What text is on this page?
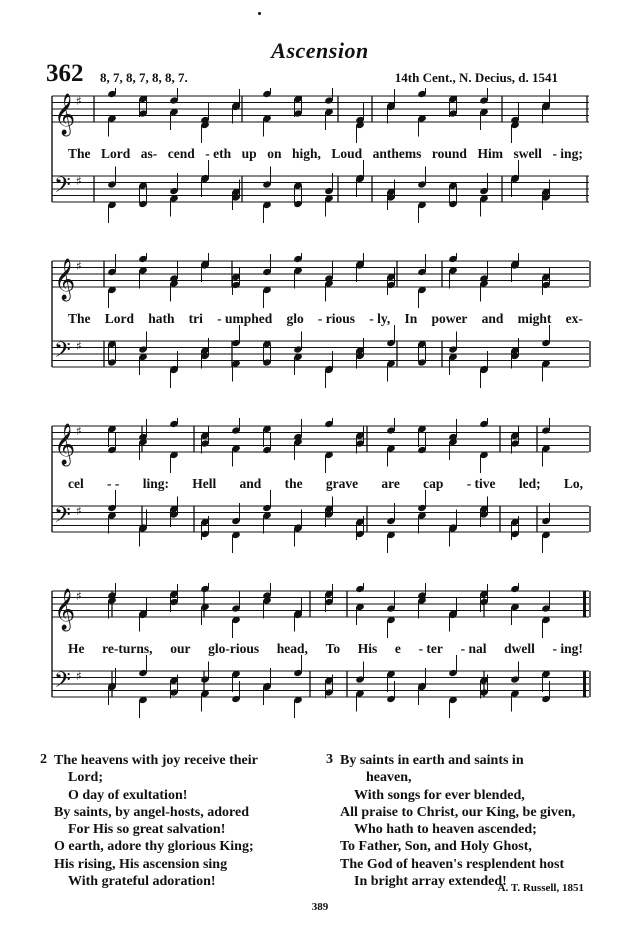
Ascension
362 8, 7, 8, 7, 8, 8, 7.	14th Cent., N. Decius, d. 1541
𝄞 ♯
𝄢 ♯
The Lord as- cend - eth up on high, Loud anthems round Him swell - ing;
𝄞 ♯
𝄢 ♯
The Lord hath tri - umphed glo - rious - ly, In power and might ex-
𝄞 ♯
𝄢 ♯
cel - - ling: Hell and the grave are cap - tive led; Lo,
𝄞 ♯
𝄢 ♯
He re-turns, our glo-rious head, To His e - ter - nal dwell - ing!
2 The heavens with joy receive their
Lord;
O day of exultation!
By saints, by angel-hosts, adored
For His so great salvation!
O earth, adore thy glorious King;
His rising, His ascension sing
With grateful adoration!
3 By saints in earth and saints in
heaven,
With songs for ever blended,
All praise to Christ, our King, be given,
Who hath to heaven ascended;
To Father, Son, and Holy Ghost,
The God of heaven's resplendent host
In bright array extended!
A. T. Russell, 1851
389
